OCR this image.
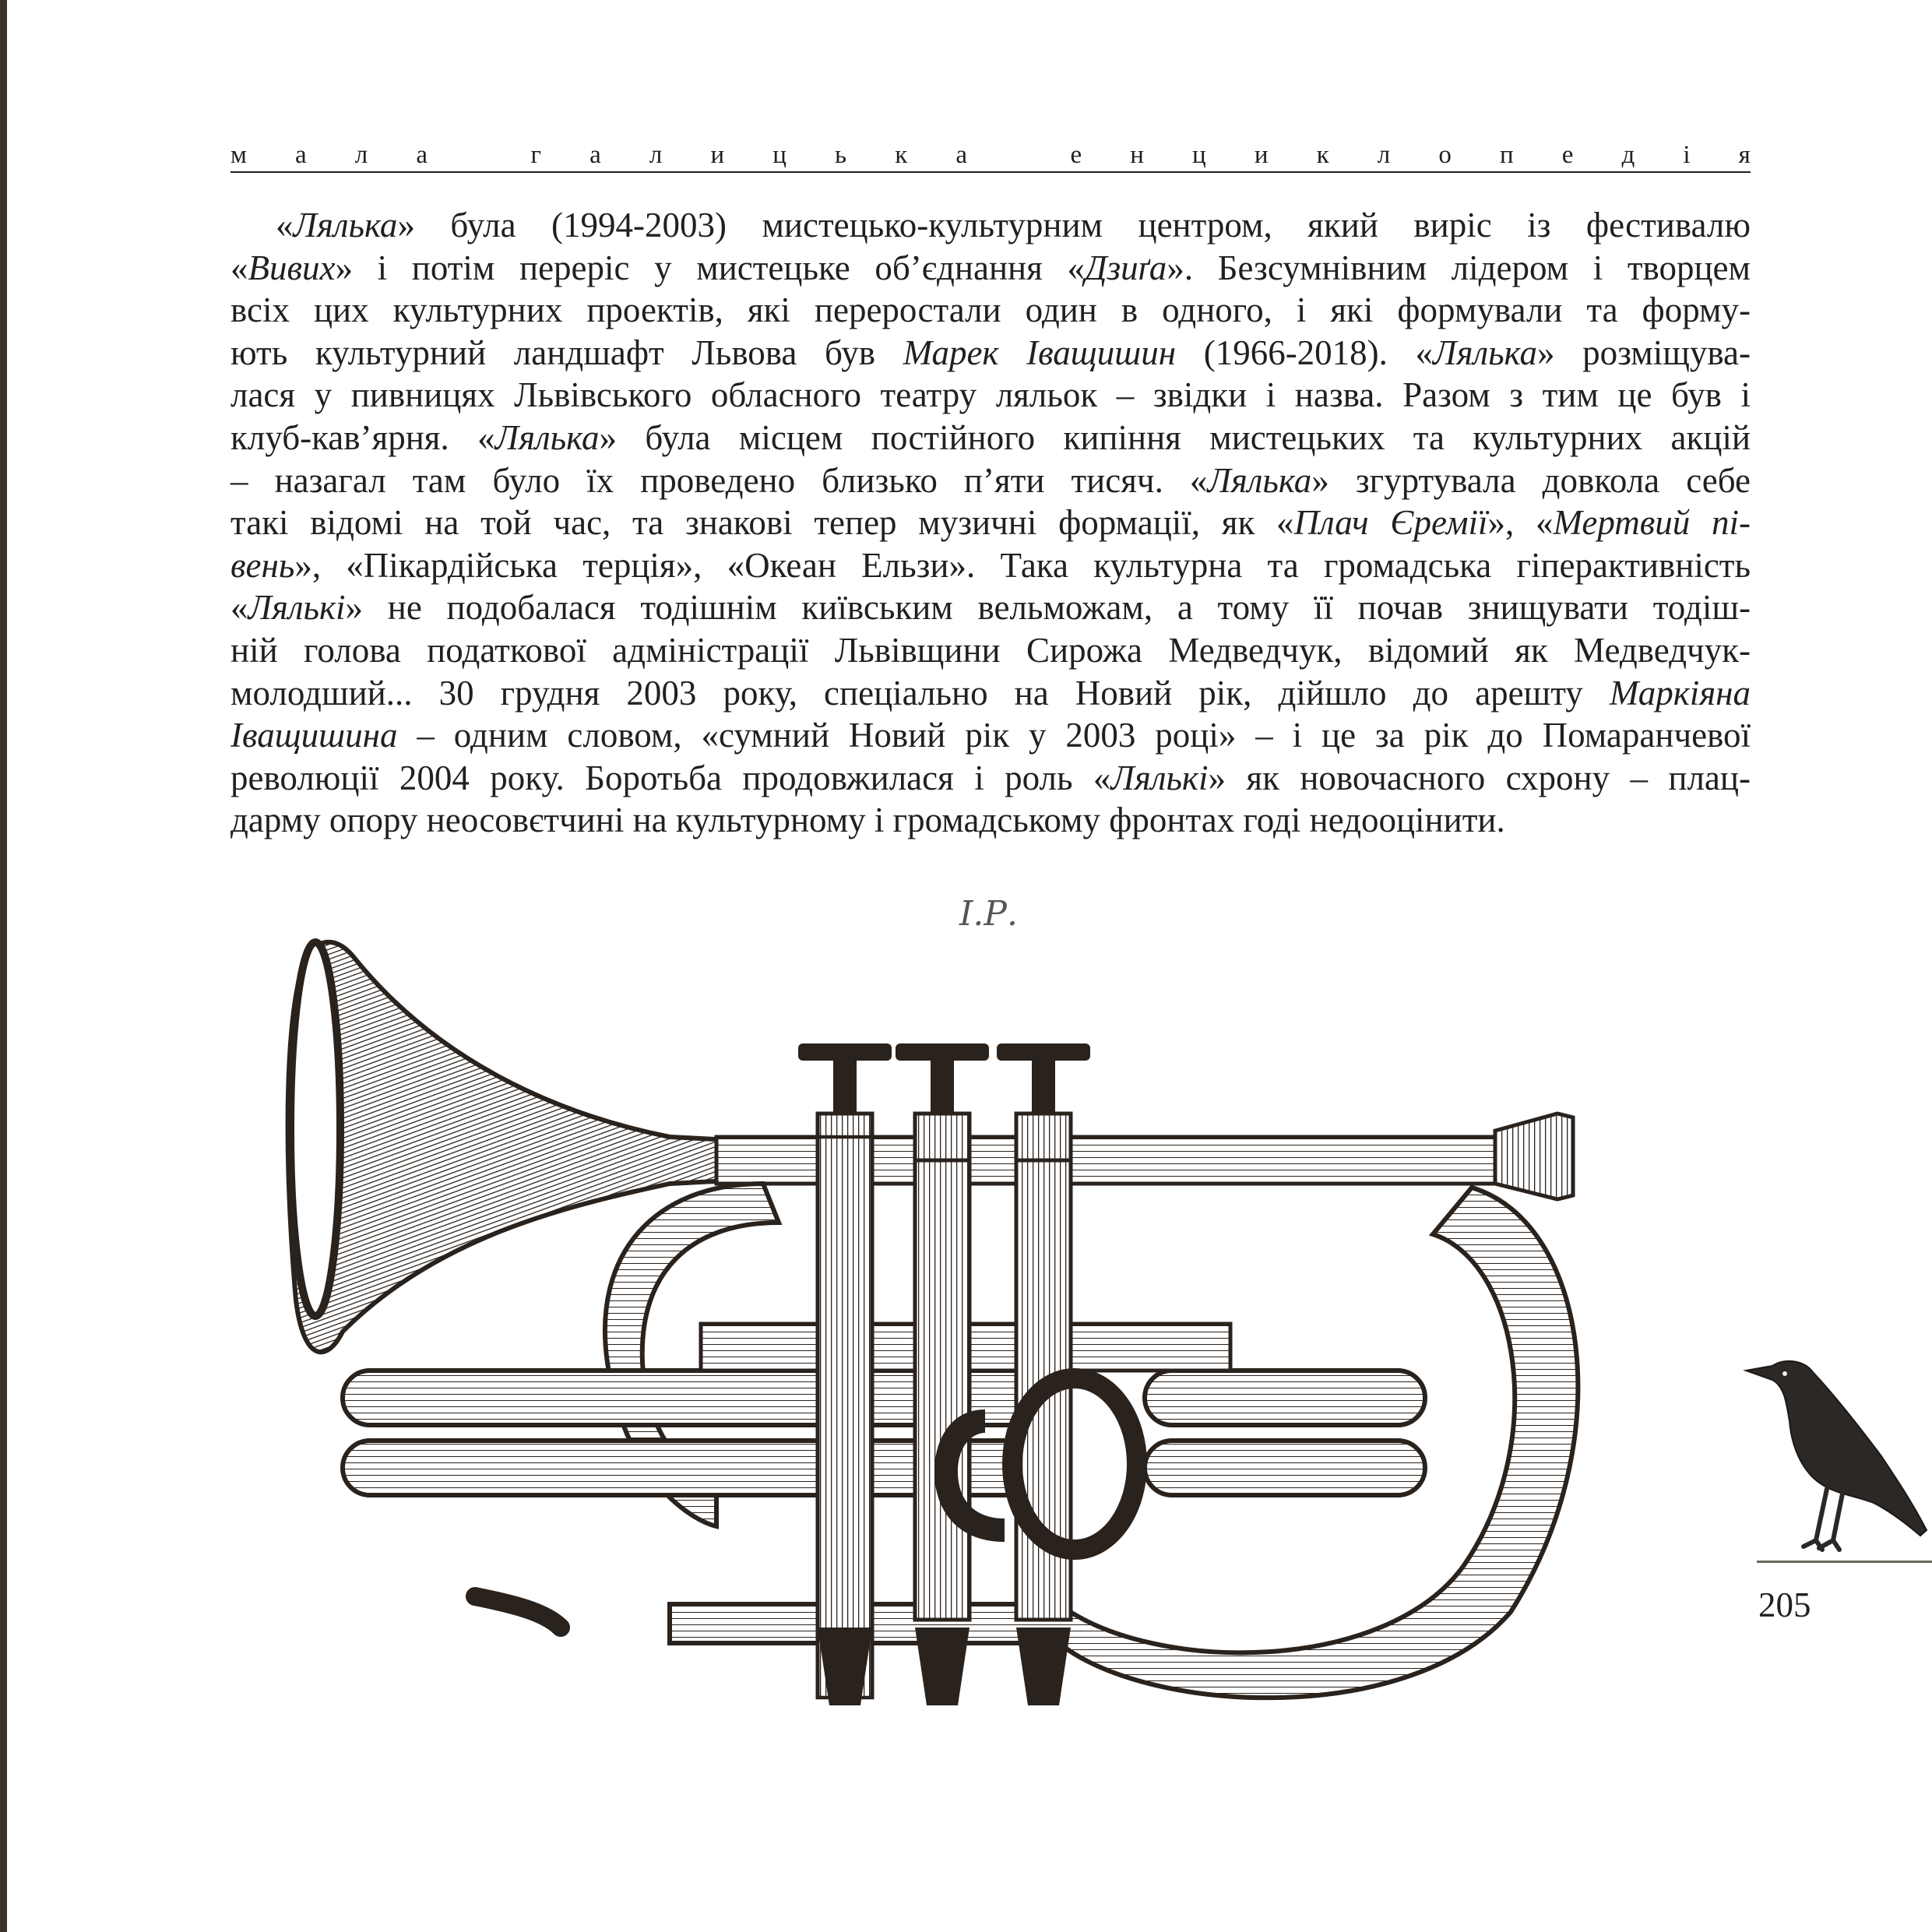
м а л а
	г а л и ц ь к а
	е н ц и к л о п е д і я
«Лялька» була (1994-2003) мистецько-культурним центром, який виріс із фестивалю
«Вивих» і потім переріс у мистецьке об’єднання «Дзиґа». Безсумнівним лідером і творцем
всіх цих культурних проектів, які переростали один в одного, і які формували та форму-
ють культурний ландшафт Львова був Марек Іващишин (1966-2018). «Лялька» розміщува-
лася у пивницях Львівського обласного театру ляльок – звідки і назва. Разом з тим це був і
клуб-кав’ярня. «Лялька» була місцем постійного кипіння мистецьких та культурних акцій
– назагал там було їх проведено близько п’яти тисяч. «Лялька» згуртувала довкола себе
такі відомі на той час, та знакові тепер музичні формації, як «Плач Єремії», «Мертвий пі-
вень», «Пікардійська терція», «Океан Ельзи». Така культурна та громадська гіперактивність
«Лялькі» не подобалася тодішнім київським вельможам, а тому її почав знищувати тодіш-
ній голова податкової адміністрації Львівщини Сирожа Медведчук, відомий як Медведчук-
молодший... 30 грудня 2003 року, спеціально на Новий рік, дійшло до арешту Маркіяна
Іващишина – одним словом, «сумний Новий рік у 2003 році» – і це за рік до Помаранчевої
революції 2004 року. Боротьба продовжилася і роль «Лялькі» як новочасного схрону – плац-
дарму опору неосовєтчині на культурному і громадському фронтах годі недооцінити.
І.Р.
205
